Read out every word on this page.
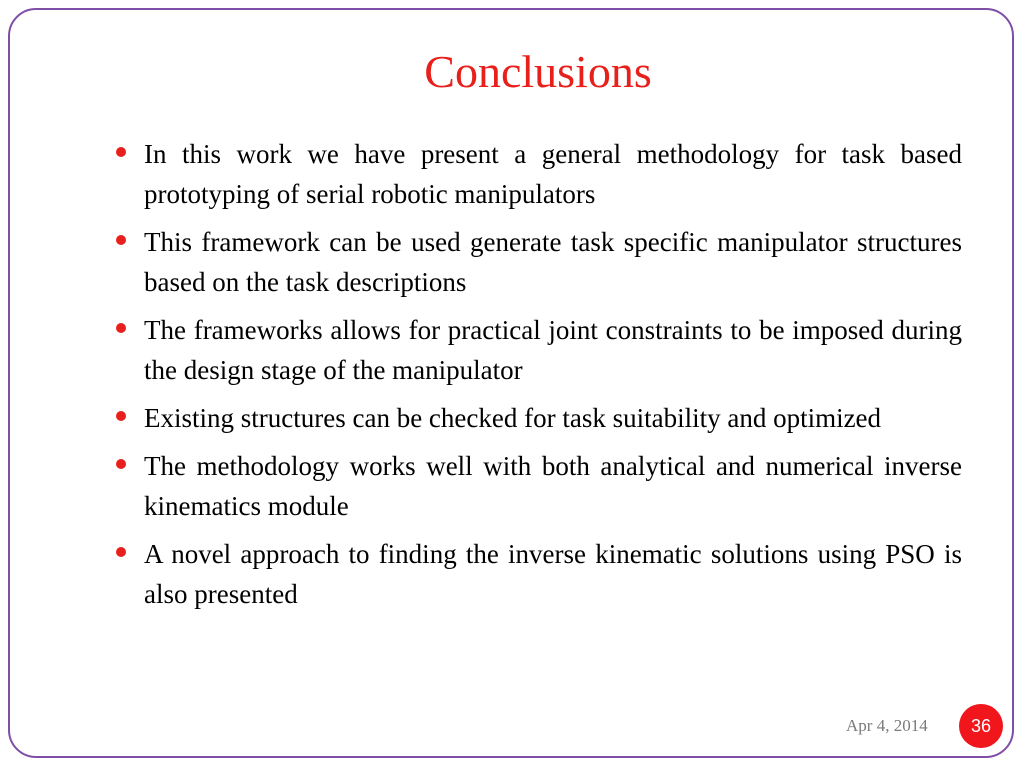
Conclusions
In this work we have present a general methodology for task based prototyping of serial robotic manipulators
This framework can be used generate task specific manipulator structures based on the task descriptions
The frameworks allows for practical joint constraints to be imposed during the design stage of the manipulator
Existing structures can be checked for task suitability and optimized
The methodology works well with both analytical and numerical inverse kinematics module
A novel approach to finding the inverse kinematic solutions using PSO is also presented
Apr 4, 2014	36
